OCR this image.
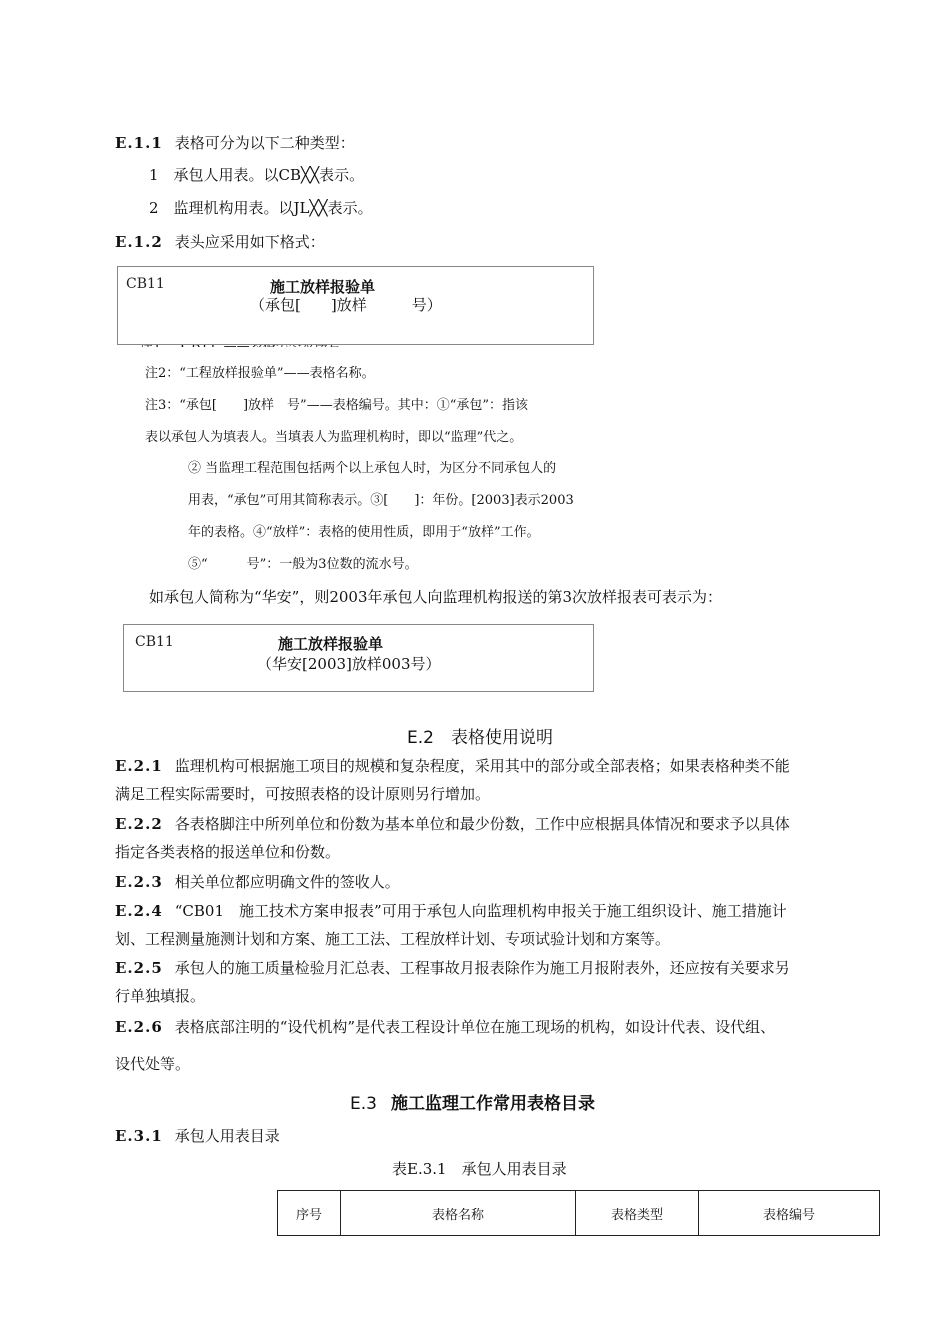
E.1.1 表格可分为以下二种类型：
1　承包人用表。以CB╳╳表示。
2　监理机构用表。以JL╳╳表示。
E.1.2 表头应采用如下格式：
CB11	施工放样报验单
（承包[　　]放样　　　号）
注2：“工程放样报验单”——表格名称。
注3：“承包[　　]放样　号”——表格编号。其中：①“承包”：指该
表以承包人为填表人。当填表人为监理机构时，即以“监理”代之。
② 当监理工程范围包括两个以上承包人时，为区分不同承包人的
用表，“承包”可用其简称表示。③[　　]：年份。[2003]表示2003
年的表格。④“放样”：表格的使用性质，即用于“放样”工作。
⑤“　　　号”：一般为3位数的流水号。
如承包人简称为“华安”，则2003年承包人向监理机构报送的第3次放样报表可表示为：
CB11	施工放样报验单
（华安[2003]放样003号）
E.2　表格使用说明
E.2.1 监理机构可根据施工项目的规模和复杂程度，采用其中的部分或全部表格；如果表格种类不能
满足工程实际需要时，可按照表格的设计原则另行增加。
E.2.2 各表格脚注中所列单位和份数为基本单位和最少份数，工作中应根据具体情况和要求予以具体
指定各类表格的报送单位和份数。
E.2.3 相关单位都应明确文件的签收人。
E.2.4 “CB01　施工技术方案申报表”可用于承包人向监理机构申报关于施工组织设计、施工措施计
划、工程测量施测计划和方案、施工工法、工程放样计划、专项试验计划和方案等。
E.2.5 承包人的施工质量检验月汇总表、工程事故月报表除作为施工月报附表外，还应按有关要求另
行单独填报。
E.2.6 表格底部注明的“设代机构”是代表工程设计单位在施工现场的机构，如设计代表、设代组、
设代处等。
E.3 施工监理工作常用表格目录
E.3.1 承包人用表目录
表E.3.1　承包人用表目录
序号	表格名称	表格类型	表格编号
